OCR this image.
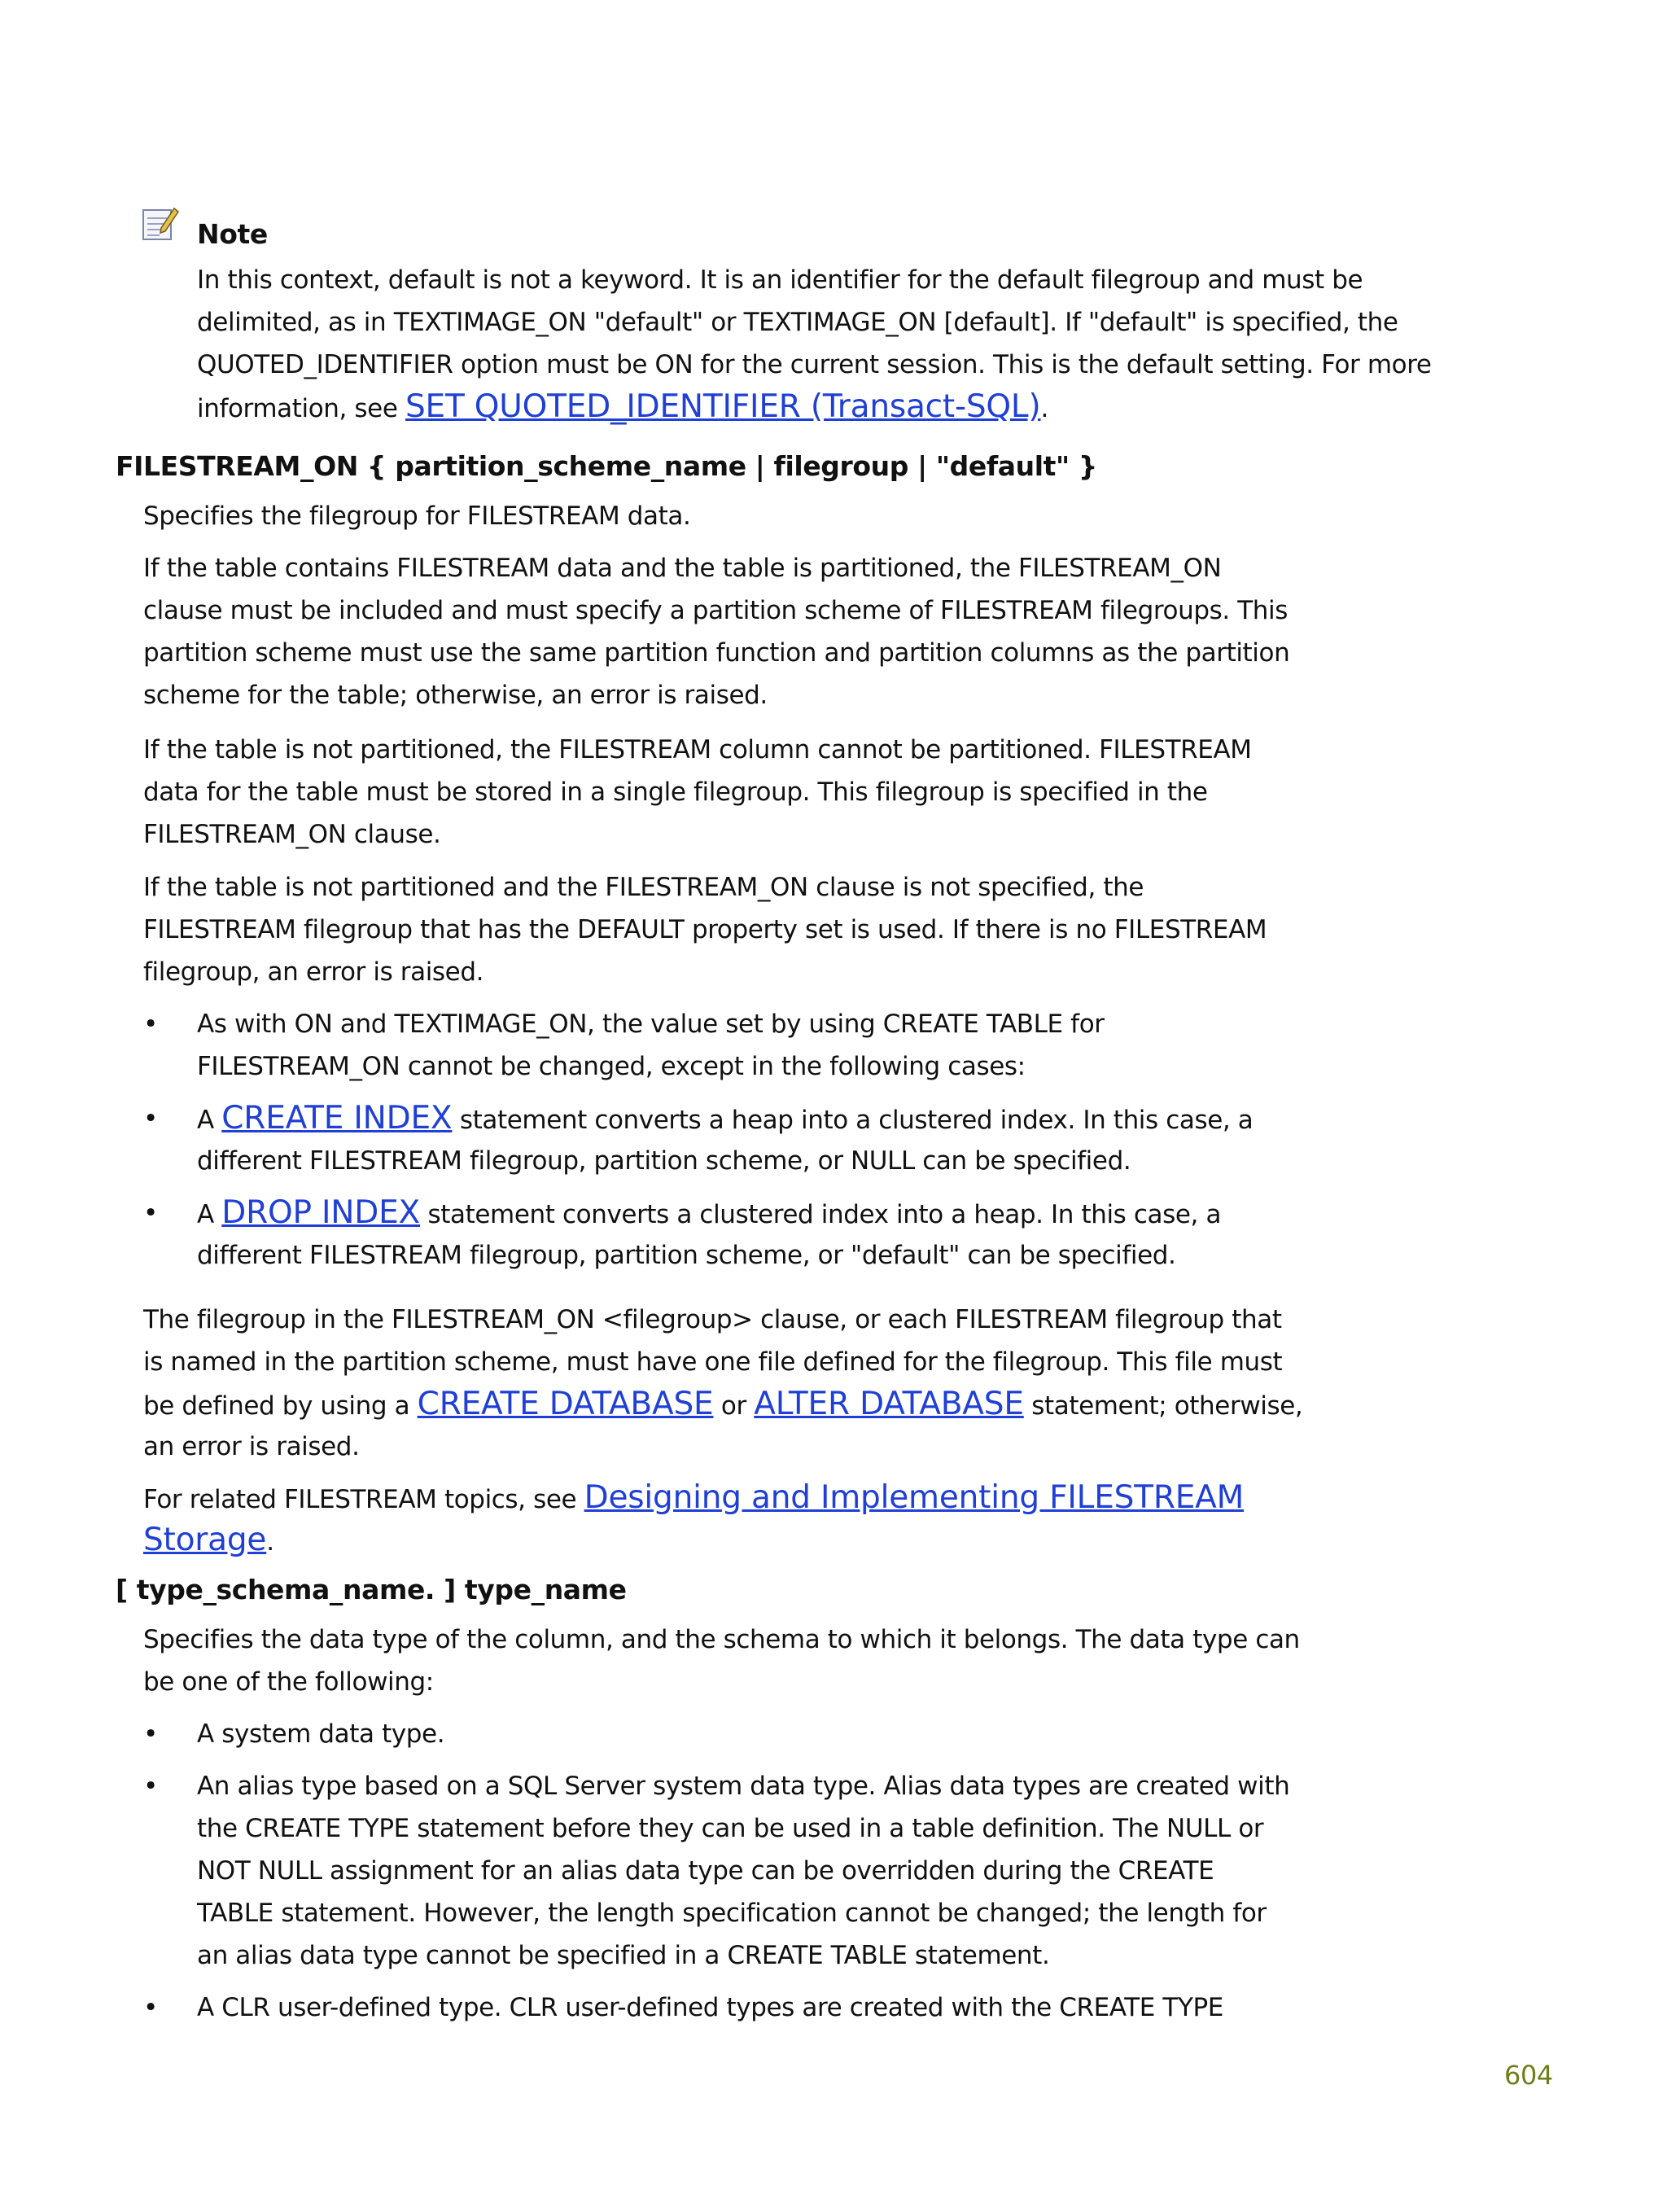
Note
In this context, default is not a keyword. It is an identifier for the default filegroup and must be
delimited, as in TEXTIMAGE_ON "default" or TEXTIMAGE_ON [default]. If "default" is specified, the
QUOTED_IDENTIFIER option must be ON for the current session. This is the default setting. For more
information, see SET QUOTED_IDENTIFIER (Transact-SQL).
FILESTREAM_ON { partition_scheme_name | filegroup | "default" }
Specifies the filegroup for FILESTREAM data.
If the table contains FILESTREAM data and the table is partitioned, the FILESTREAM_ON
clause must be included and must specify a partition scheme of FILESTREAM filegroups. This
partition scheme must use the same partition function and partition columns as the partition
scheme for the table; otherwise, an error is raised.
If the table is not partitioned, the FILESTREAM column cannot be partitioned. FILESTREAM
data for the table must be stored in a single filegroup. This filegroup is specified in the
FILESTREAM_ON clause.
If the table is not partitioned and the FILESTREAM_ON clause is not specified, the
FILESTREAM filegroup that has the DEFAULT property set is used. If there is no FILESTREAM
filegroup, an error is raised.
• As with ON and TEXTIMAGE_ON, the value set by using CREATE TABLE for
FILESTREAM_ON cannot be changed, except in the following cases:
• A CREATE INDEX statement converts a heap into a clustered index. In this case, a
different FILESTREAM filegroup, partition scheme, or NULL can be specified.
• A DROP INDEX statement converts a clustered index into a heap. In this case, a
different FILESTREAM filegroup, partition scheme, or "default" can be specified.
The filegroup in the FILESTREAM_ON <filegroup> clause, or each FILESTREAM filegroup that
is named in the partition scheme, must have one file defined for the filegroup. This file must
be defined by using a CREATE DATABASE or ALTER DATABASE statement; otherwise,
an error is raised.
For related FILESTREAM topics, see Designing and Implementing FILESTREAM
Storage.
[ type_schema_name. ] type_name
Specifies the data type of the column, and the schema to which it belongs. The data type can
be one of the following:
• A system data type.
• An alias type based on a SQL Server system data type. Alias data types are created with
the CREATE TYPE statement before they can be used in a table definition. The NULL or
NOT NULL assignment for an alias data type can be overridden during the CREATE
TABLE statement. However, the length specification cannot be changed; the length for
an alias data type cannot be specified in a CREATE TABLE statement.
• A CLR user-defined type. CLR user-defined types are created with the CREATE TYPE
604
